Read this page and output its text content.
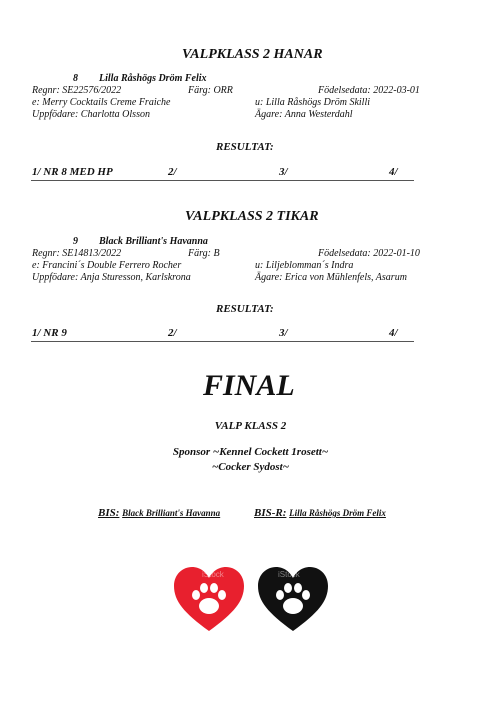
VALPKLASS 2 HANAR
8 Lilla Råshögs Dröm Felix
Regnr: SE22576/2022	Färg: ORR	Födelsedata: 2022-03-01
e: Merry Cocktails Creme Fraiche	u: Lilla Råshögs Dröm Skilli
Uppfödare: Charlotta Olsson	Ägare: Anna Westerdahl
RESULTAT:
1/ NR 8 MED HP	2/	3/	4/
VALPKLASS 2 TIKAR
9 Black Brilliant's Havanna
Regnr: SE14813/2022	Färg: B	Födelsedata: 2022-01-10
e: Francini´s Double Ferrero Rocher	u: Liljeblomman´s Indra
Uppfödare: Anja Sturesson, Karlskrona	Ägare: Erica von Mühlenfels, Asarum
RESULTAT:
1/ NR 9	2/	3/	4/
FINAL
VALP KLASS 2
Sponsor ~Kennel Cockett 1rosett~
~Cocker Sydost~
BIS: Black Brilliant's Havanna	BIS-R: Lilla Råshögs Dröm Felix
iStock	iStock
